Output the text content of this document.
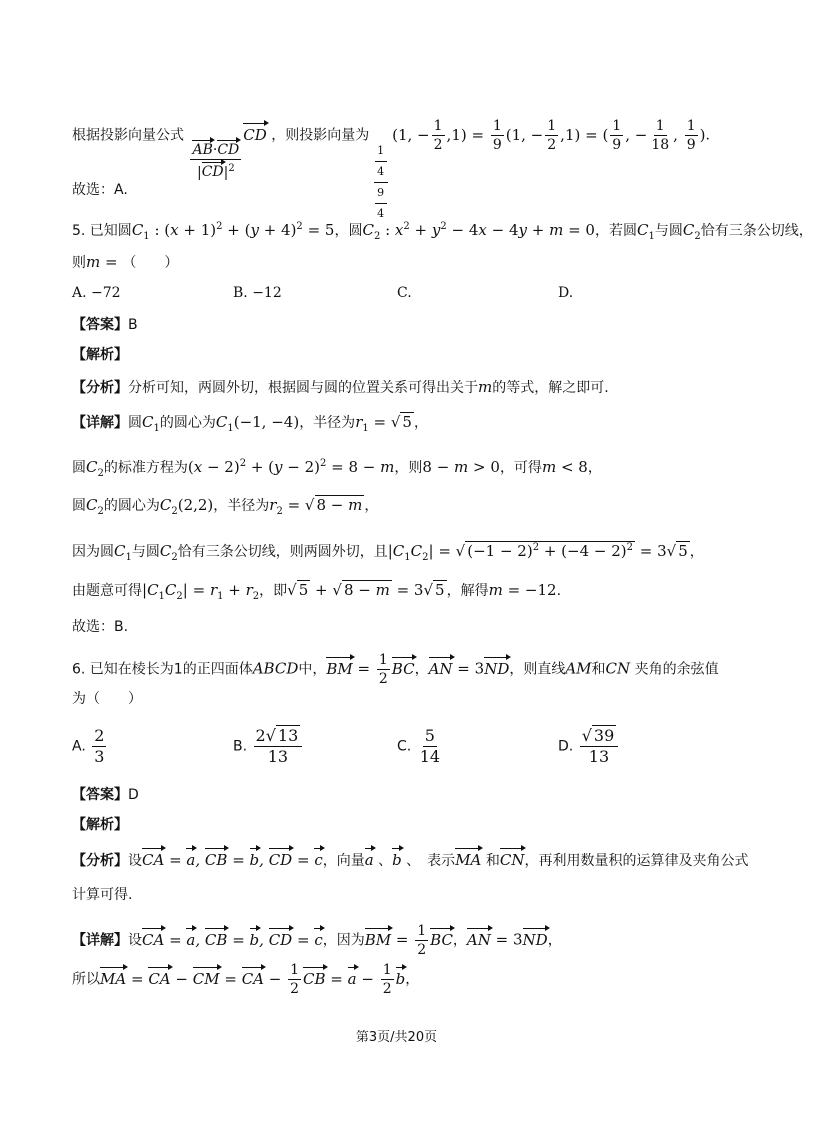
根据投影向量公式
$\frac{AB\cdot CD}{|CD|^2}$
CD ，则投影向量为
1
4
9
4
(1, − $\frac{1}{2} ,1) = \frac{1}{9} (1$, − $\frac{1}{2} ,1$) = ( $\frac{1}{9}$ , − $\frac{1}{18}$ , $\frac{1}{9}$ ).
故选：A.
5. 已知圆$C_1$ : $(x + 1)^2 + (y + 4)^2 = 5$，圆$C_2$ : $x^2 + y^2 - 4x - 4y + m = 0$，若圆$C_1$与圆$C_2$恰有三条公切线，
则m = （　　）
A. −72	B. −12	C.	D.
【答案】B
【解析】
【分析】分析可知，两圆外切，根据圆与圆的位置关系可得出关于m的等式，解之即可.
【详解】圆$C_1$的圆心为$C_1(-1$, −4)，半径为$r_1$ = √ 5 ，
圆$C_2$的标准方程为$(x - 2)^2 + (y - 2)^2 = 8 - m$，则8 − m > 0，可得m < 8，
圆$C_2$的圆心为$C_2(2,2)$，半径为$r_2$ = √ 8 − m ，
因为圆$C_1$与圆$C_2$恰有三条公切线，则两圆外切，且$|C_1C_2|$ = √ $(-1 - 2)^2 + (-4 - 2)^2 = 3√$ 5 ，
由题意可得$|C_1C_2| = r_1 + r_2$，即√ 5 + √ 8 − m = 3√ 5 ，解得m = −12.
故选：B.
6. 已知在棱长为1的正四面体ABCD中，BM = $\frac{1}{2}$ BC，AN = 3ND，则直线AM和CN 夹角的余弦值
为（　　）
A. $\frac{2}{3}$	B. $\frac{2√ 13}{13}$	C. $\frac{5}{14}$	D. $\frac{√ 39}{13}$
【答案】D
【解析】
【分析】设CA = a, CB = b, CD = c，向量a 、b 、　表示MA 和CN，再利用数量积的运算律及夹角公式
计算可得.
【详解】设CA = a, CB = b, CD = c，因为BM = $\frac{1}{2}$ BC，AN = 3ND，
所以MA = CA − CM = CA − $\frac{1}{2}$ CB = $a - \frac{1}{2}$ b，
第3页/共20页
